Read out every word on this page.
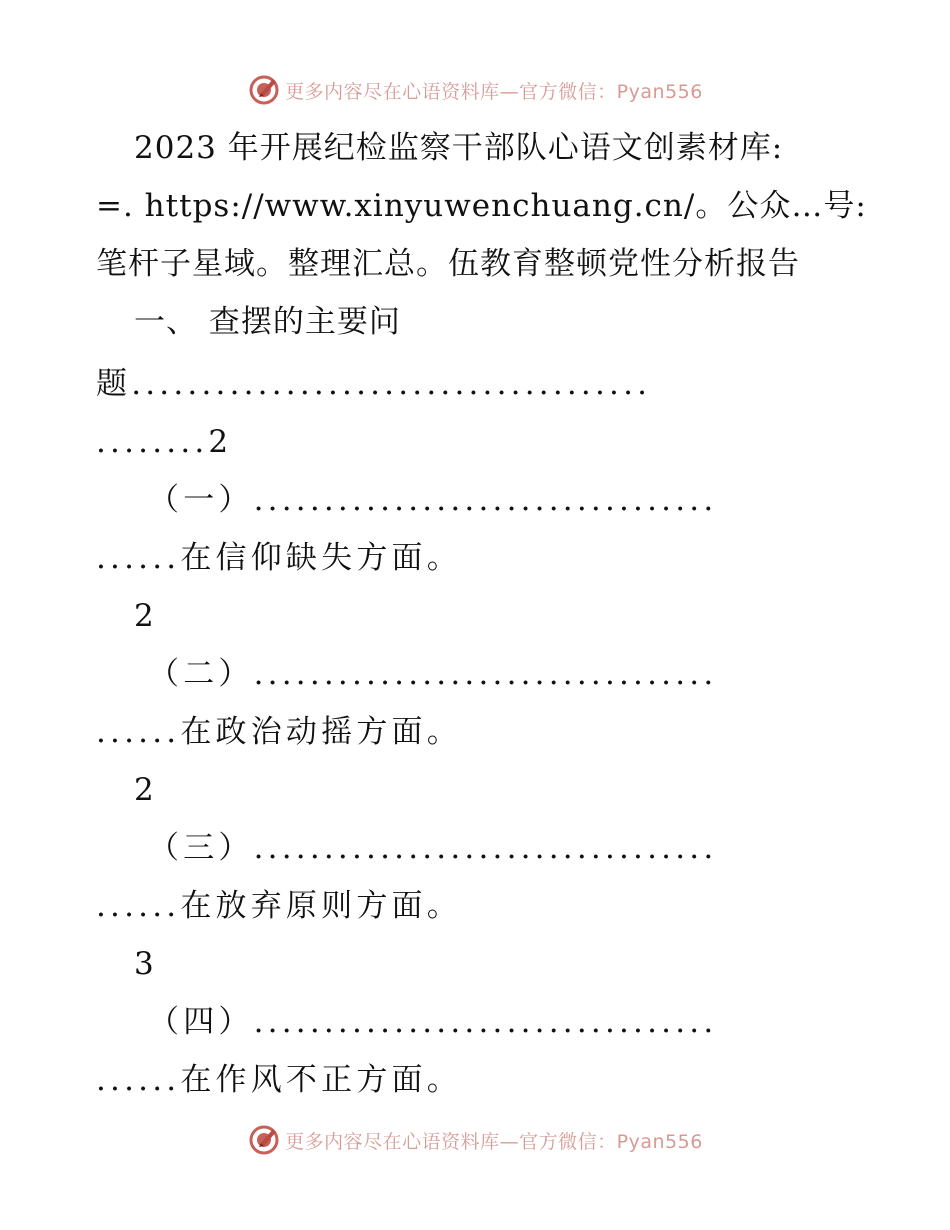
更多内容尽在心语资料库—官方微信：Pyan556
2023 年开展纪检监察干部队心语文创素材库:
=. https://www.xinyuwenchuang.cn/。公众…号:
笔杆子星域。整理汇总。伍教育整顿党性分析报告
一、 查摆的主要问
题.....................................
........2
（一）.................................
......在信仰缺失方面。
2
（二）.................................
......在政治动摇方面。
2
（三）.................................
......在放弃原则方面。
3
（四）.................................
......在作风不正方面。
更多内容尽在心语资料库—官方微信：Pyan556
